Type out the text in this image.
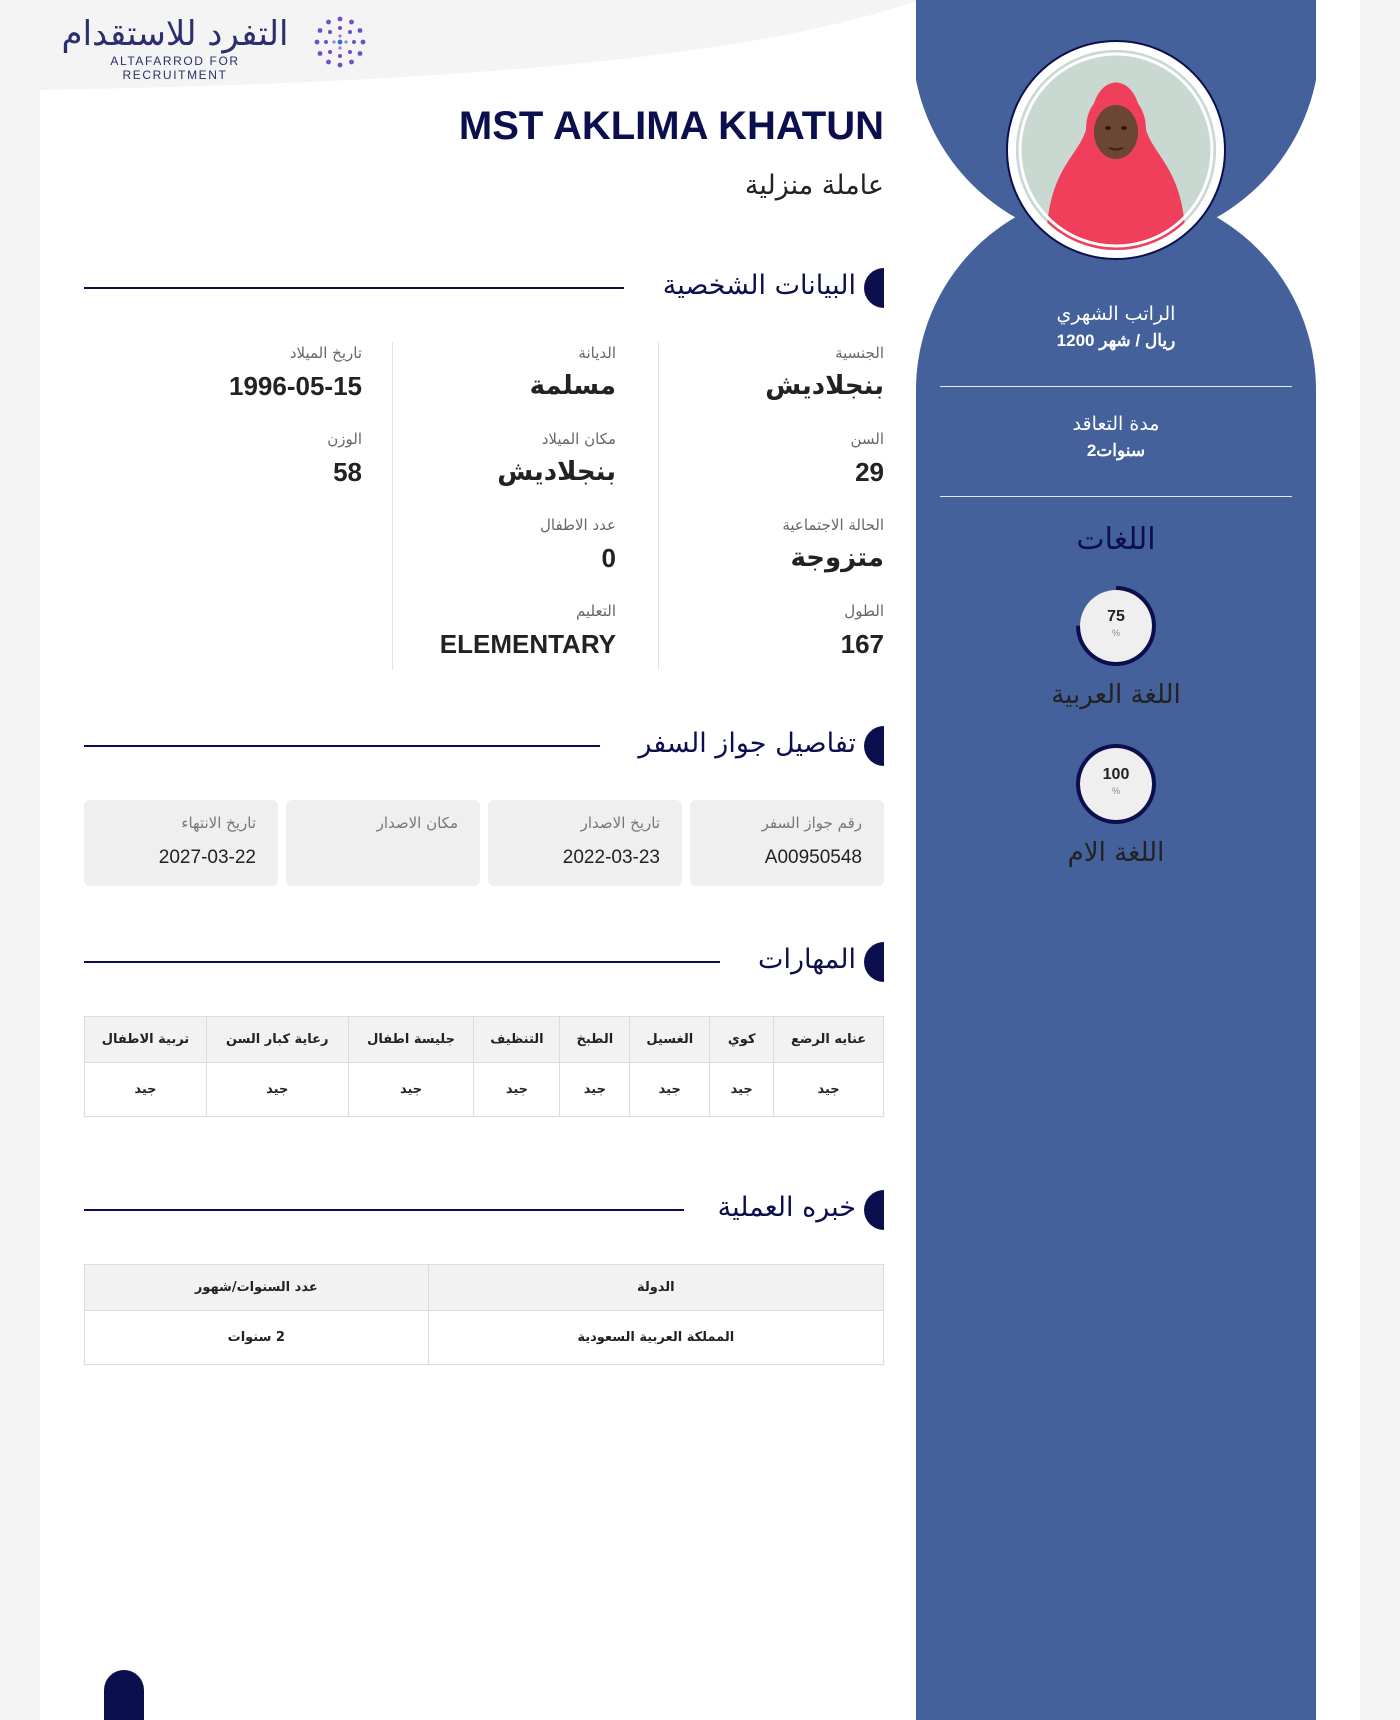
التفرد للاستقدام
ALTAFARROD FOR RECRUITMENT
الراتب الشهري
1200 ريال / شهر
مدة التعاقد
2سنوات
اللغات
75
%
اللغة العربية
100
%
اللغة الام
MST AKLIMA KHATUN
عاملة منزلية
البيانات الشخصية
الجنسية
بنجلاديش
السن
29
الحالة الاجتماعية
متزوجة
الطول
167
الديانة
مسلمة
مكان الميلاد
بنجلاديش
عدد الاطفال
0
التعليم
ELEMENTARY
تاريخ الميلاد
1996-05-15
الوزن
58
تفاصيل جواز السفر
رقم جواز السفر
A00950548
تاريخ الاصدار
2022-03-23
مكان الاصدار
تاريخ الانتهاء
2027-03-22
المهارات
عنايه الرضع	كوي	الغسيل	الطبخ	التنظيف	جليسة اطفال	رعاية كبار السن	تربية الاطفال
جيد	جيد	جيد	جيد	جيد	جيد	جيد	جيد
خبره العملية
الدولة	عدد السنوات/شهور
المملكة العربية السعودية	2 سنوات
